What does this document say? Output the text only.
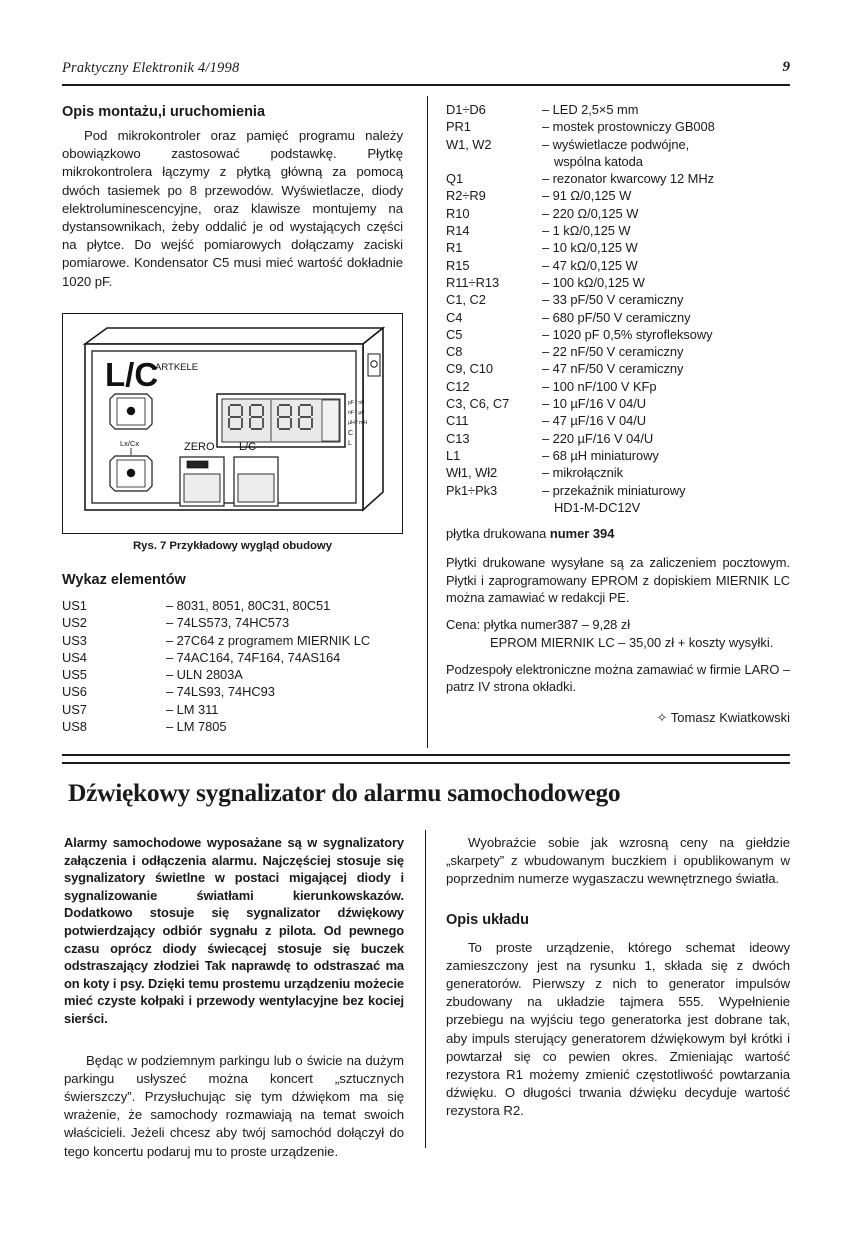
Praktyczny Elektronik 4/1998	9
Opis montażu,i uruchomienia

Pod mikrokontroler oraz pamięć programu należy obowiązkowo zastosować podstawkę. Płytkę mikrokontrolera łączymy z płytką główną za pomocą dwóch tasiemek po 8 przewodów. Wyświetlacze, diody elektroluminescencyjne, oraz klawisze montujemy na dystansownikach, żeby oddalić je od wystających części na płytce. Do wejść pomiarowych dołączamy zaciski pomiarowe. Kondensator C5 musi mieć wartość dokładnie 1020 pF.

L/C
ARTKELE
Lx/Cx
pF / nF
nF / µF
µH / mH
C
L
ZERO L/C
Rys. 7 Przykładowy wygląd obudowy
Wykaz elementów
US1	– 8031, 8051, 80C31, 80C51
US2	– 74LS573, 74HC573
US3	– 27C64 z programem MIERNIK LC
US4	– 74AC164, 74F164, 74AS164
US5	– ULN 2803A
US6	– 74LS93, 74HC93
US7	– LM 311
US8	– LM 7805
D1÷D6	– LED 2,5×5 mm
PR1	– mostek prostowniczy GB008
W1, W2	– wyświetlacze podwójne,
wspólna katoda

Q1	– rezonator kwarcowy 12 MHz
R2÷R9	– 91 Ω/0,125 W
R10	– 220 Ω/0,125 W
R14	– 1 kΩ/0,125 W
R1	– 10 kΩ/0,125 W
R15	– 47 kΩ/0,125 W
R11÷R13	– 100 kΩ/0,125 W
C1, C2	– 33 pF/50 V ceramiczny
C4	– 680 pF/50 V ceramiczny
C5	– 1020 pF 0,5% styrofleksowy
C8	– 22 nF/50 V ceramiczny
C9, C10	– 47 nF/50 V ceramiczny
C12	– 100 nF/100 V KFp
C3, C6, C7	– 10 µF/16 V 04/U
C11	– 47 µF/16 V 04/U
C13	– 220 µF/16 V 04/U
L1	– 68 µH miniaturowy
Wł1, Wł2	– mikrołącznik
Pk1÷Pk3	– przekaźnik miniaturowy
HD1-M-DC12V

płytka drukowana numer 394

Płytki drukowane wysyłane są za zaliczeniem pocztowym. Płytki i zaprogramowany EPROM z dopiskiem MIERNIK LC można zamawiać w redakcji PE.

Cena: płytka numer387 – 9,28 zł

EPROM MIERNIK LC – 35,00 zł + koszty wysyłki.

Podzespoły elektroniczne można zamawiać w firmie LARO – patrz IV strona okładki.

✧ Tomasz Kwiatkowski

Dźwiękowy sygnalizator do alarmu samochodowego

Alarmy samochodowe wyposażane są w sygnalizatory załączenia i odłączenia alarmu. Najczęściej stosuje się sygnalizatory świetlne w postaci migającej diody i sygnalizowanie światłami kierunkowskazów. Dodatkowo stosuje się sygnalizator dźwiękowy potwierdzający odbiór sygnału z pilota. Od pewnego czasu oprócz diody świecącej stosuje się buczek odstraszający złodziei Tak naprawdę to odstraszać ma on koty i psy. Dzięki temu prostemu urządzeniu możecie mieć czyste kołpaki i przewody wentylacyjne bez kociej sierści.

Będąc w podziemnym parkingu lub o świcie na dużym parkingu usłyszeć można koncert „sztucznych świerszczy”. Przysłuchując się tym dźwiękom ma się wrażenie, że samochody rozmawiają na temat swoich właścicieli. Jeżeli chcesz aby twój samochód dołączył do tego koncertu podaruj mu to proste urządzenie.

Wyobraźcie sobie jak wzrosną ceny na giełdzie „skarpety” z wbudowanym buczkiem i opublikowanym w poprzednim numerze wygaszaczu wewnętrznego światła.

Opis układu

To proste urządzenie, którego schemat ideowy zamieszczony jest na rysunku 1, składa się z dwóch generatorów. Pierwszy z nich to generator impulsów zbudowany na układzie tajmera 555. Wypełnienie przebiegu na wyjściu tego generatorka jest dobrane tak, aby impuls sterujący generatorem dźwiękowym był krótki i powtarzał się co pewien okres. Zmieniając wartość rezystora R1 możemy zmienić częstotliwość powtarzania dźwięku. O długości trwania dźwięku decyduje wartość rezystora R2.
